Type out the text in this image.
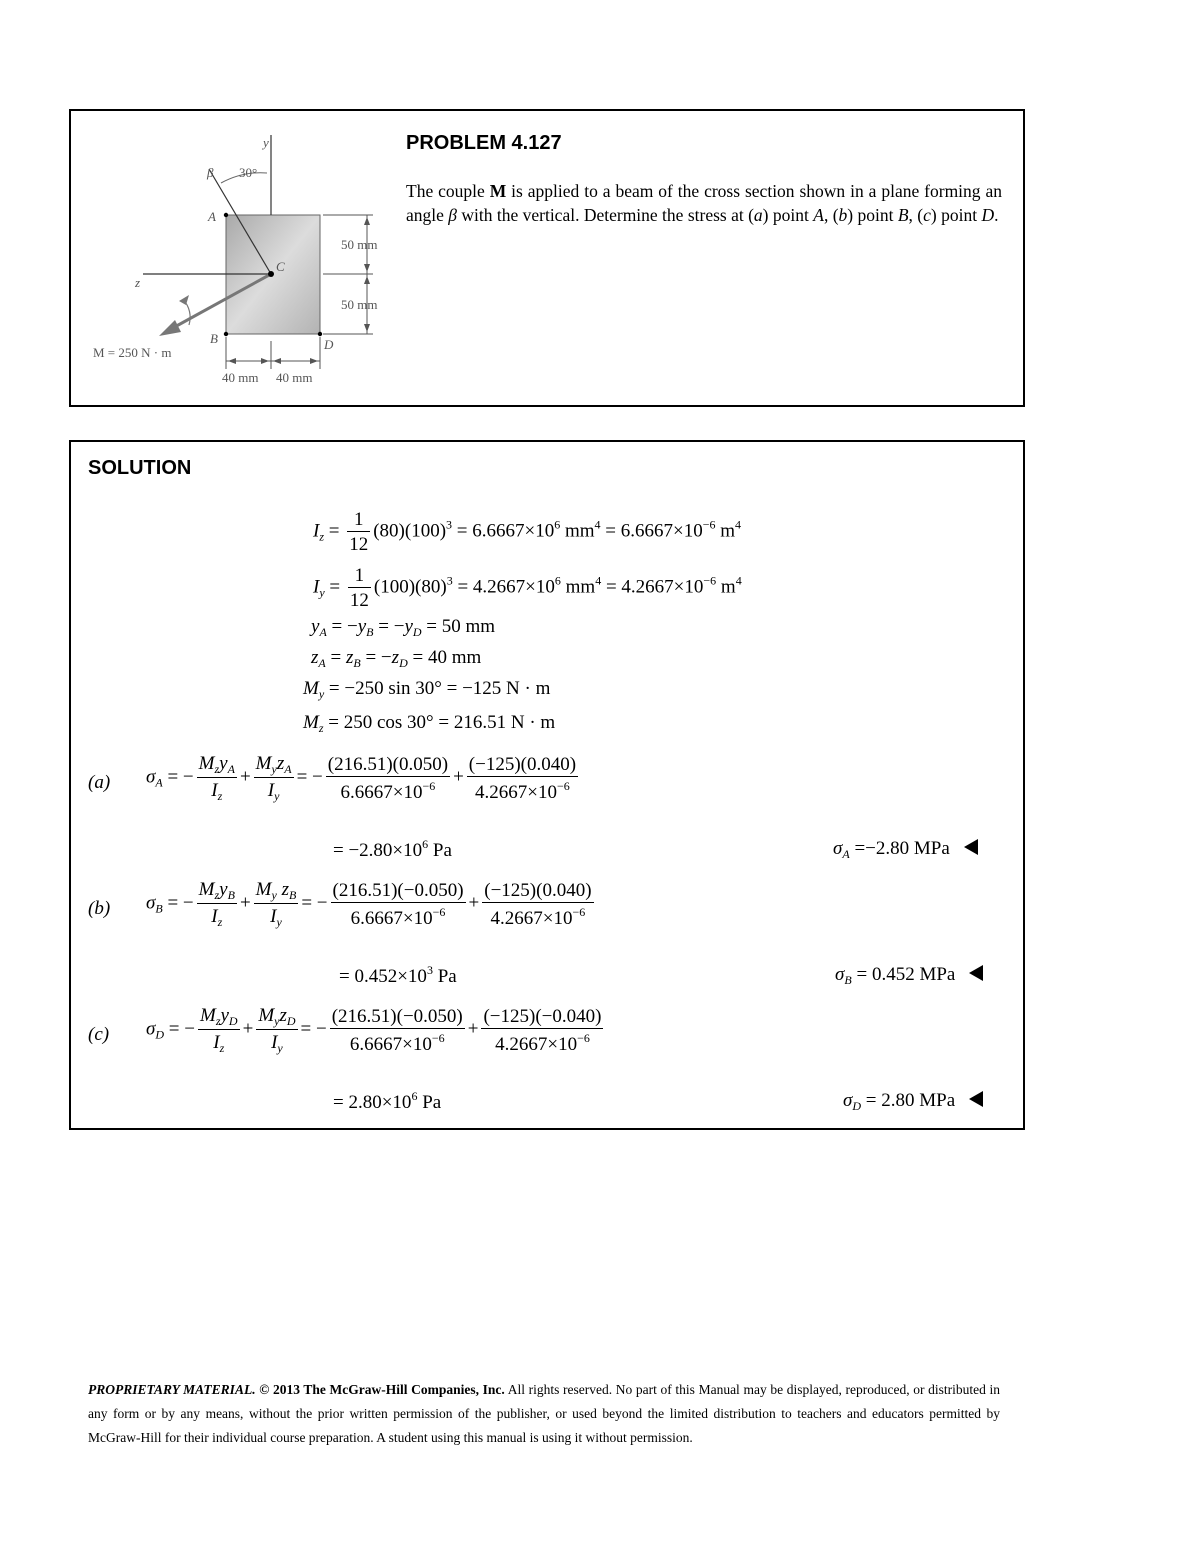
y
z
β 30°
M = 250 N · m
C
A
B	D
50 mm
50 mm
40 mm 40 mm
PROBLEM 4.127
The couple M is applied to a beam of the cross section shown in a plane forming an angle β with the vertical. Determine the stress at (a) point A, (b) point B, (c) point D.
SOLUTION
$I_z = \frac{1}{12} (80)(100)^3 = 6.6667\times 10^6$ $mm^4 = 6.6667\times 10^{-6}$ $m^4$
$I_y = \frac{1}{12} (100)(80)^3 = 4.2667\times 10^6$ $mm^4 = 4.2667\times 10^{-6}$ $m^4$
$y_A = -y_B = -y_D = 50$ mm
$z_A = z_B = -z_D = 40$ mm
$M_y = -250$ sin 30° = −125 N · m
$M_z = 250$ cos 30° = 216.51 N · m
(a) $\sigma_A$ = − $\frac{M_zy_A}{I_z} + \frac{M_yz_A}{I_y}$ = − $\frac{(216.51)(0.050)}{6.6667\times 10^{-6}} + \frac{(-125)(0.040)}{4.2667\times 10^{-6}}$
= $-2.80\times 10^6$ Pa	$\sigma_A =-2.80$ MPa
(b) $\sigma_B$ = − $\frac{M_zy_B}{I_z} + \frac{M_y z_B}{I_y}$ = − $\frac{(216.51)(-0.050)}{6.6667\times 10^{-6}} + \frac{(-125)(0.040)}{4.2667\times 10^{-6}}$
= $0.452\times 10^3$ Pa	$\sigma_B = 0.452$ MPa
(c) $\sigma_D$ = − $\frac{M_zy_D}{I_z} + \frac{M_yz_D}{I_y}$ = − $\frac{(216.51)(-0.050)}{6.6667\times 10^{-6}} + \frac{(-125)(-0.040)}{4.2667\times 10^{-6}}$
= $2.80\times 10^6$ Pa	$\sigma_D = 2.80$ MPa
PROPRIETARY MATERIAL. © 2013 The McGraw-Hill Companies, Inc. All rights reserved. No part of this Manual may be displayed, reproduced, or distributed in any form or by any means, without the prior written permission of the publisher, or used beyond the limited distribution to teachers and educators permitted by McGraw-Hill for their individual course preparation. A student using this manual is using it without permission.
